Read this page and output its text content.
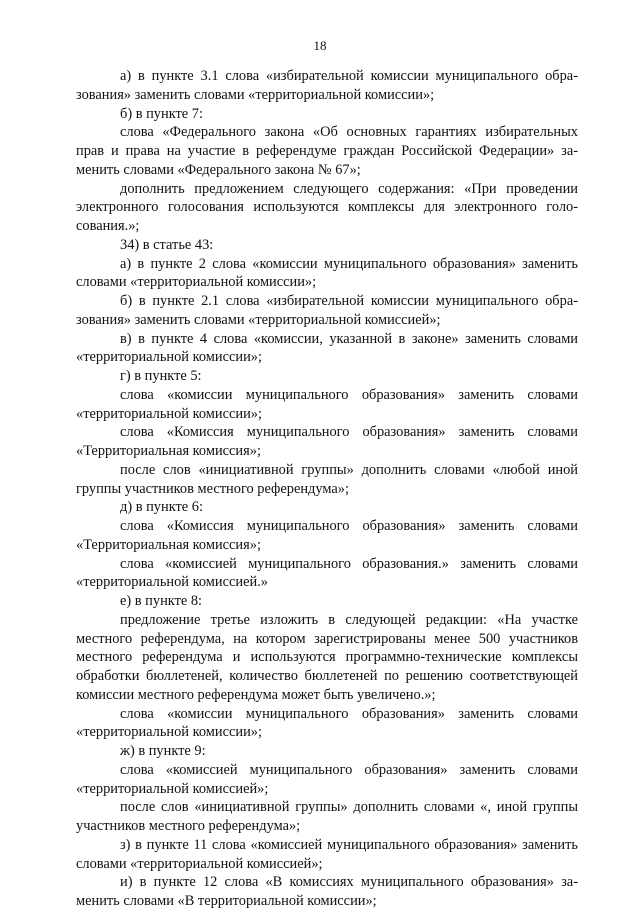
18

а) в пункте 3.1 слова «избирательной комиссии муниципального образования» заменить словами «территориальной комиссии»;

б) в пункте 7:

слова «Федерального закона «Об основных гарантиях избирательных прав и права на участие в референдуме граждан Российской Федерации» заменить словами «Федерального закона № 67»;

дополнить предложением следующего содержания: «При проведении электронного голосования используются комплексы для электронного голосования.»;

34) в статье 43:

а) в пункте 2 слова «комиссии муниципального образования» заменить словами «территориальной комиссии»;

б) в пункте 2.1 слова «избирательной комиссии муниципального образования» заменить словами «территориальной комиссией»;

в) в пункте 4 слова «комиссии, указанной в законе» заменить словами «территориальной комиссии»;

г) в пункте 5:

слова «комиссии муниципального образования» заменить словами «территориальной комиссии»;

слова «Комиссия муниципального образования» заменить словами «Территориальная комиссия»;

после слов «инициативной группы» дополнить словами «любой иной группы участников местного референдума»;

д) в пункте 6:

слова «Комиссия муниципального образования» заменить словами «Территориальная комиссия»;

слова «комиссией муниципального образования.» заменить словами «территориальной комиссией.»

е) в пункте 8:

предложение третье изложить в следующей редакции: «На участке местного референдума, на котором зарегистрированы менее 500 участников местного референдума и используются программно-технические комплексы обработки бюллетеней, количество бюллетеней по решению соответствующей комиссии местного референдума может быть увеличено.»;

слова «комиссии муниципального образования» заменить словами «территориальной комиссии»;

ж) в пункте 9:

слова «комиссией муниципального образования» заменить словами «территориальной комиссией»;

после слов «инициативной группы» дополнить словами «, иной группы участников местного референдума»;

з) в пункте 11 слова «комиссией муниципального образования» заменить словами «территориальной комиссией»;

и) в пункте 12 слова «В комиссиях муниципального образования» заменить словами «В территориальной комиссии»;
